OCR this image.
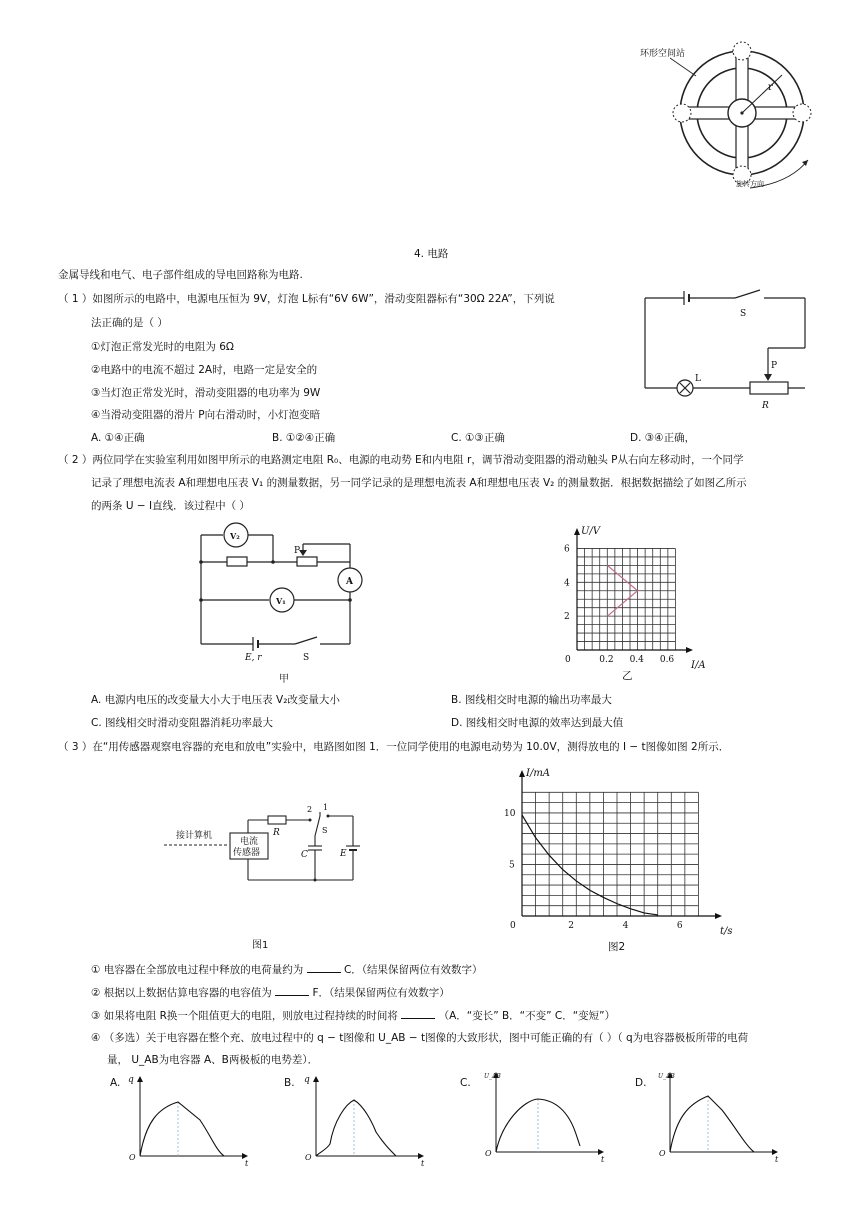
r
环形空间站
旋转方向
4. 电路
金属导线和电气、电子部件组成的导电回路称为电路.
（ 1 ）如图所示的电路中，电源电压恒为 9V，灯泡 L标有“6V 6W”，滑动变阻器标有“30Ω 22A”，下列说
法正确的是（ ）
①灯泡正常发光时的电阻为 6Ω
②电路中的电流不超过 2A时，电路一定是安全的
③当灯泡正常发光时，滑动变阻器的电功率为 9W
④当滑动变阻器的滑片 P向右滑动时，小灯泡变暗
A. ①④正确	B. ①②④正确	C. ①③正确	D. ③④正确，
S
P
L
R
（ 2 ）两位同学在实验室利用如图甲所示的电路测定电阻 R₀、电源的电动势 E和内电阻 r，调节滑动变阻器的滑动触头 P从右向左移动时，一个同学
记录了理想电流表 A和理想电压表 V₁ 的测量数据，另一同学记录的是理想电流表 A和理想电压表 V₂ 的测量数据．根据数据描绘了如图乙所示
的两条 U − I直线．该过程中（ ）
V₂
P
A
V₁
E, r	S
甲
0	0.2 0.4 0.6
2
4
6
I/A
U/V
乙
A. 电源内电压的改变量大小大于电压表 V₂改变量大小	B. 图线相交时电源的输出功率最大
C. 图线相交时滑动变阻器消耗功率最大	D. 图线相交时电源的效率达到最大值
（ 3 ）在“用传感器观察电容器的充电和放电”实验中，电路图如图 1．一位同学使用的电源电动势为 10.0V，测得放电的 I − t图像如图 2所示．
接计算机
电流
传感器
R
2 1
S
C	E
图1
0	2	4	6
5
10
t/s
I/mA
图2
① 电容器在全部放电过程中释放的电荷量约为	C．（结果保留两位有效数字）
② 根据以上数据估算电容器的电容值为	F．（结果保留两位有效数字）
③ 如果将电阻 R换一个阻值更大的电阻，则放电过程持续的时间将	（A．“变长” B．“不变” C．“变短”）
④ （多选）关于电容器在整个充、放电过程中的 q − t图像和 U_AB − t图像的大致形状，图中可能正确的有（ ）（ q为电容器极板所带的电荷
量， U_AB为电容器 A、B两极板的电势差）．
A.	B.	C.	D.
q
O
t
q
O
t
U_AB
O
t
U_AB
O
t
